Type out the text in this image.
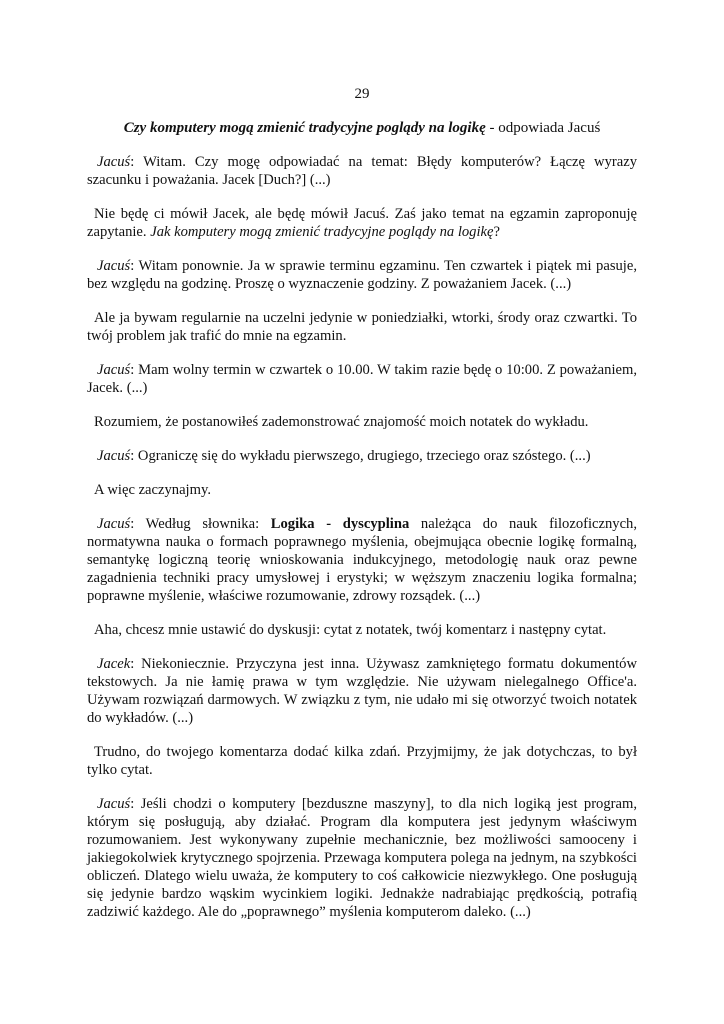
29
Czy komputery mogą zmienić tradycyjne poglądy na logikę - odpowiada Jacuś

Jacuś: Witam. Czy mogę odpowiadać na temat: Błędy komputerów? Łączę wyrazy szacunku i poważania. Jacek [Duch?] (...)

Nie będę ci mówił Jacek, ale będę mówił Jacuś. Zaś jako temat na egzamin zaproponuję zapytanie. Jak komputery mogą zmienić tradycyjne poglądy na logikę?

Jacuś: Witam ponownie. Ja w sprawie terminu egzaminu. Ten czwartek i piątek mi pasuje, bez względu na godzinę. Proszę o wyznaczenie godziny. Z poważaniem Jacek. (...)

Ale ja bywam regularnie na uczelni jedynie w poniedziałki, wtorki, środy oraz czwartki. To twój problem jak trafić do mnie na egzamin.

Jacuś: Mam wolny termin w czwartek o 10.00. W takim razie będę o 10:00. Z poważaniem, Jacek. (...)

Rozumiem, że postanowiłeś zademonstrować znajomość moich notatek do wykładu.

Jacuś: Ograniczę się do wykładu pierwszego, drugiego, trzeciego oraz szóstego. (...)

A więc zaczynajmy.

Jacuś: Według słownika: Logika - dyscyplina należąca do nauk filozoficznych, normatywna nauka o formach poprawnego myślenia, obejmująca obecnie logikę formalną, semantykę logiczną teorię wnioskowania indukcyjnego, metodologię nauk oraz pewne zagadnienia techniki pracy umysłowej i erystyki; w węższym znaczeniu logika formalna; poprawne myślenie, właściwe rozumowanie, zdrowy rozsądek. (...)

Aha, chcesz mnie ustawić do dyskusji: cytat z notatek, twój komentarz i następny cytat.

Jacek: Niekoniecznie. Przyczyna jest inna. Używasz zamkniętego formatu dokumentów tekstowych. Ja nie łamię prawa w tym względzie. Nie używam nielegalnego Office'a. Używam rozwiązań darmowych. W związku z tym, nie udało mi się otworzyć twoich notatek do wykładów. (...)

Trudno, do twojego komentarza dodać kilka zdań. Przyjmijmy, że jak dotychczas, to był tylko cytat.

Jacuś: Jeśli chodzi o komputery [bezduszne maszyny], to dla nich logiką jest program, którym się posługują, aby działać. Program dla komputera jest jedynym właściwym rozumowaniem. Jest wykonywany zupełnie mechanicznie, bez możliwości samooceny i jakiegokolwiek krytycznego spojrzenia. Przewaga komputera polega na jednym, na szybkości obliczeń. Dlatego wielu uważa, że komputery to coś całkowicie niezwykłego. One posługują się jedynie bardzo wąskim wycinkiem logiki. Jednakże nadrabiając prędkością, potrafią zadziwić każdego. Ale do „poprawnego” myślenia komputerom daleko. (...)
